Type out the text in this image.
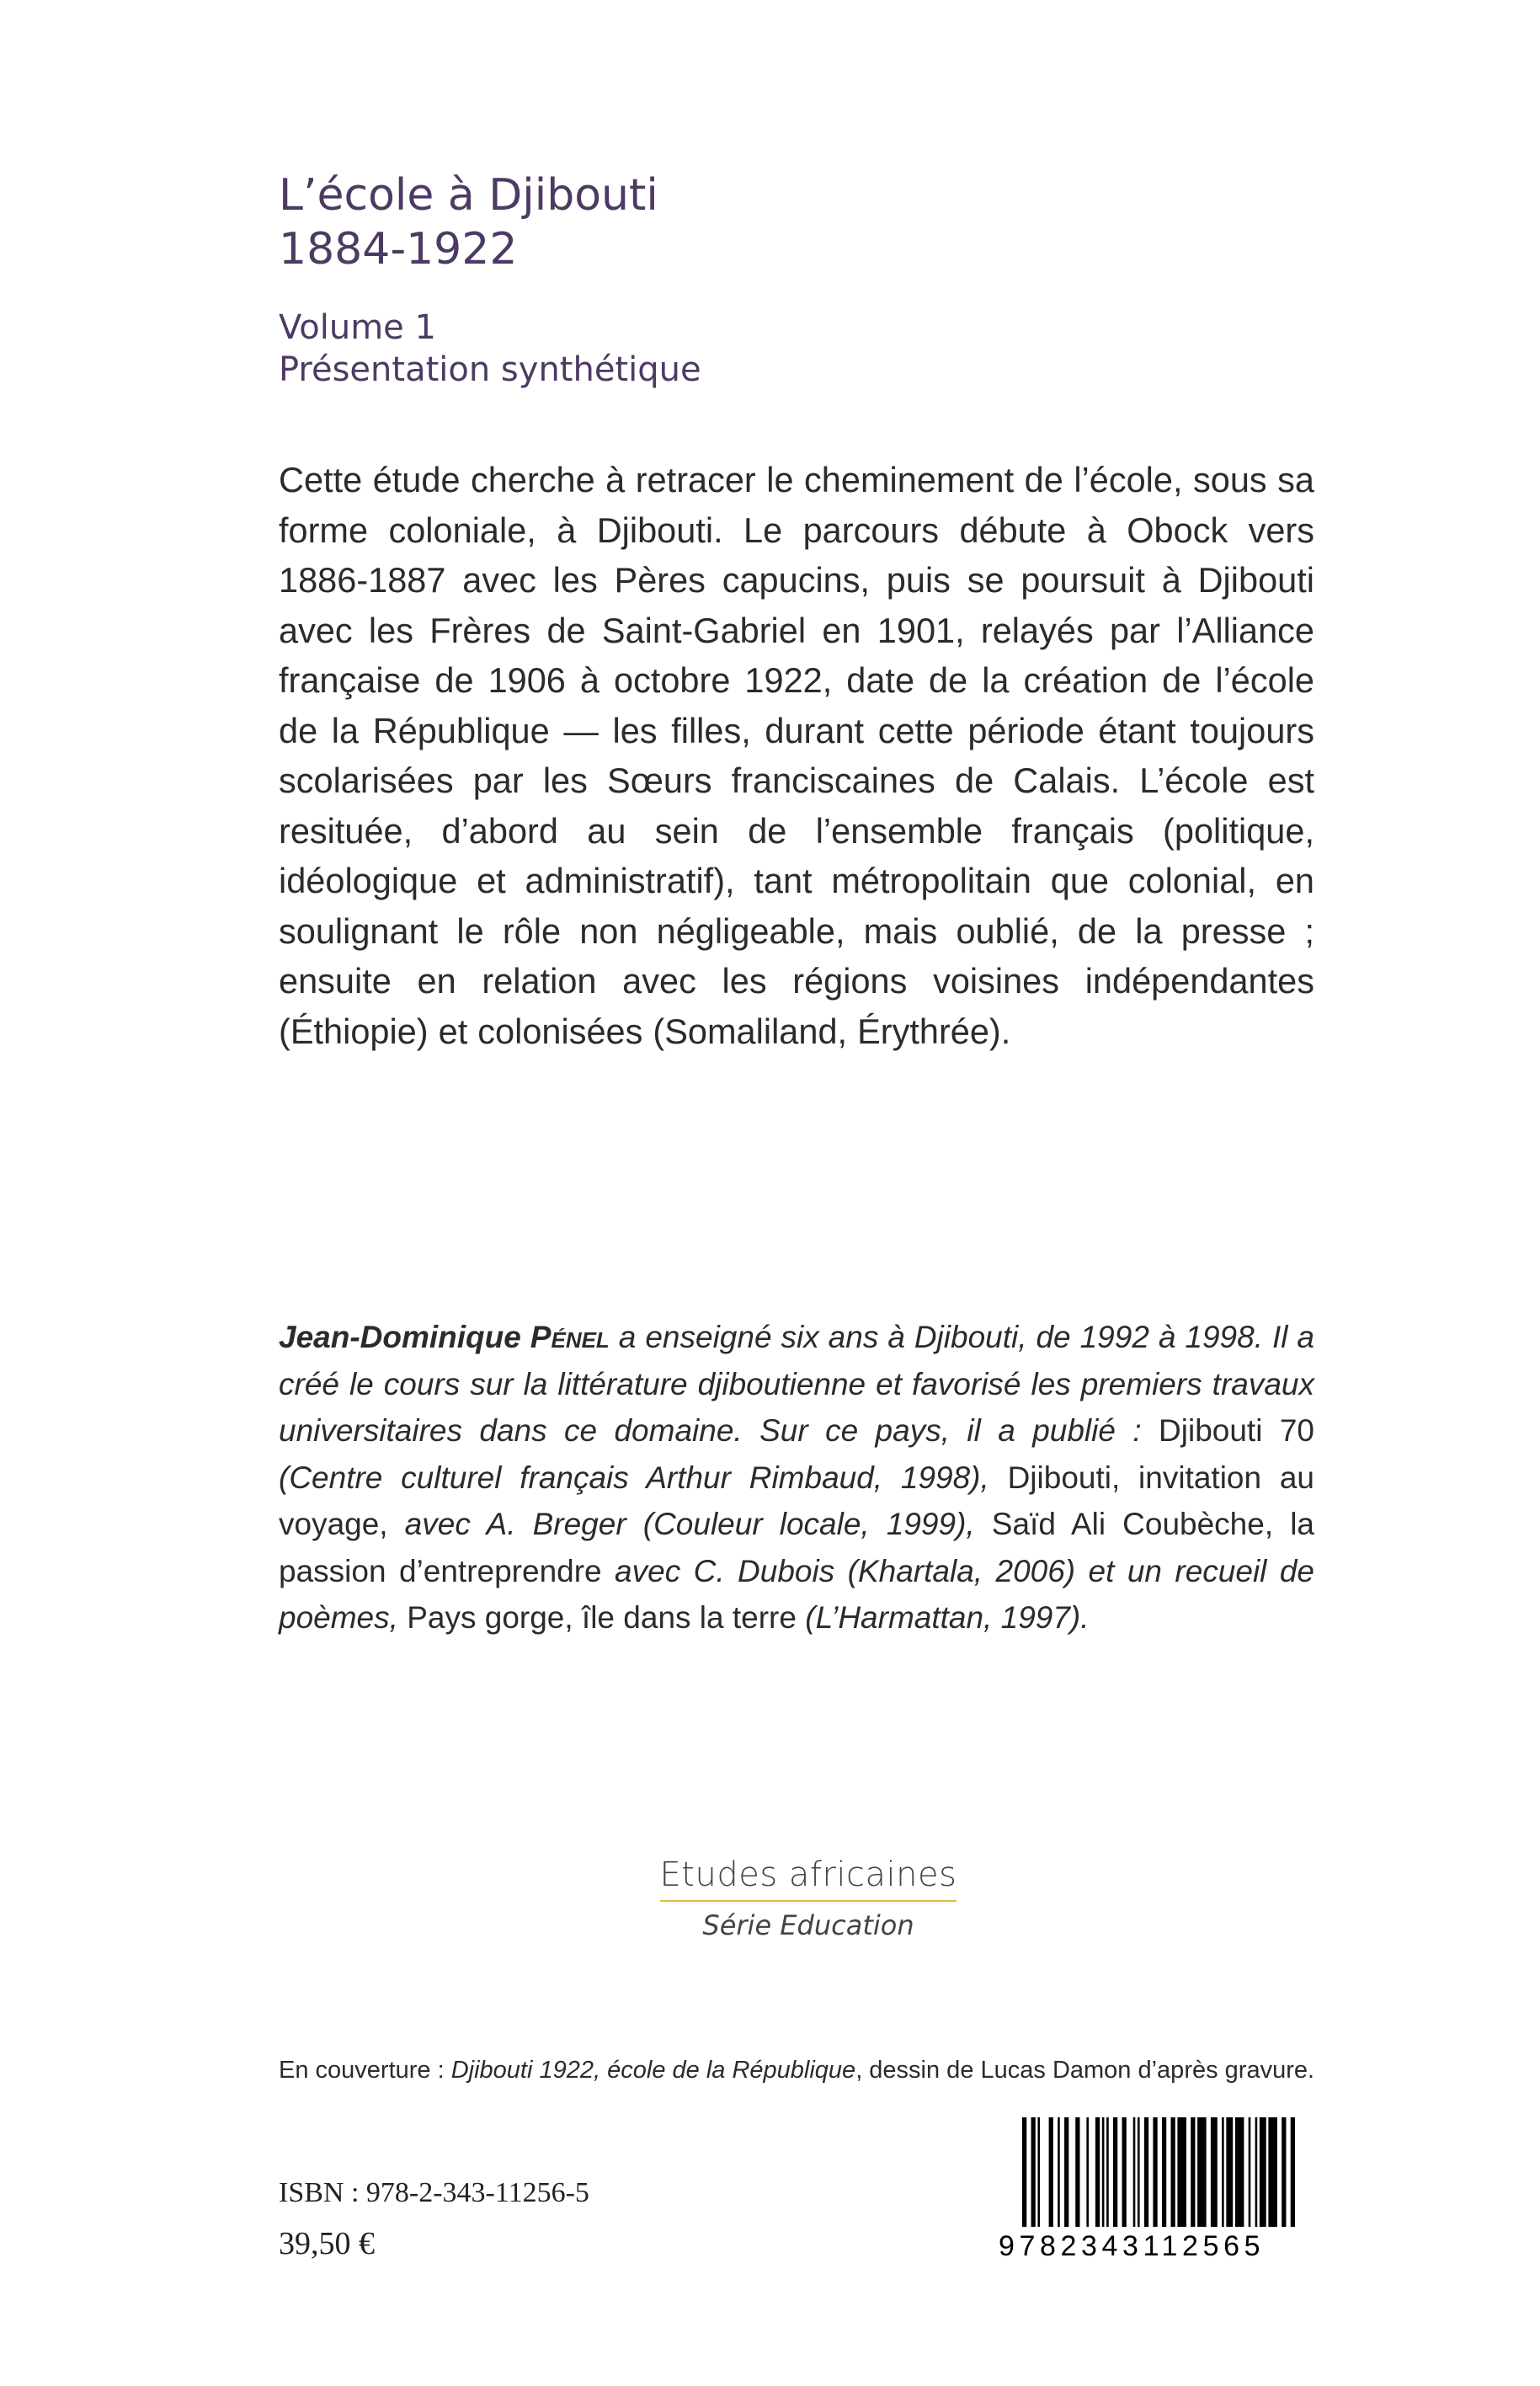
L’école à Djibouti
1884-1922
Volume 1
Présentation synthétique

Cette étude cherche à retracer le cheminement de l’école, sous sa forme coloniale, à Djibouti. Le parcours débute à Obock vers 1886-1887 avec les Pères capucins, puis se poursuit à Djibouti avec les Frères de Saint-Gabriel en 1901, relayés par l’Alliance française de 1906 à octobre 1922, date de la création de l’école de la République — les filles, durant cette période étant toujours scolarisées par les Sœurs franciscaines de Calais. L’école est resituée, d’abord au sein de l’ensemble français (politique, idéologique et administratif), tant métropolitain que colonial, en soulignant le rôle non négligeable, mais oublié, de la presse ; ensuite en relation avec les régions voisines indépendantes (Éthiopie) et colonisées (Somaliland, Érythrée).

Jean-Dominique Pénel a enseigné six ans à Djibouti, de 1992 à 1998. Il a créé le cours sur la littérature djiboutienne et favorisé les premiers travaux universitaires dans ce domaine. Sur ce pays, il a publié : Djibouti 70 (Centre culturel français Arthur Rimbaud, 1998), Djibouti, invitation au voyage, avec A. Breger (Couleur locale, 1999), Saïd Ali Coubèche, la passion d’entreprendre avec C. Dubois (Khartala, 2006) et un recueil de poèmes, Pays gorge, île dans la terre (L’Harmattan, 1997).

Etudes africaines
Série Education
En couverture : Djibouti 1922, école de la République, dessin de Lucas Damon d’après gravure.
ISBN : 978-2-343-11256-5
39,50 €	9782343112565
